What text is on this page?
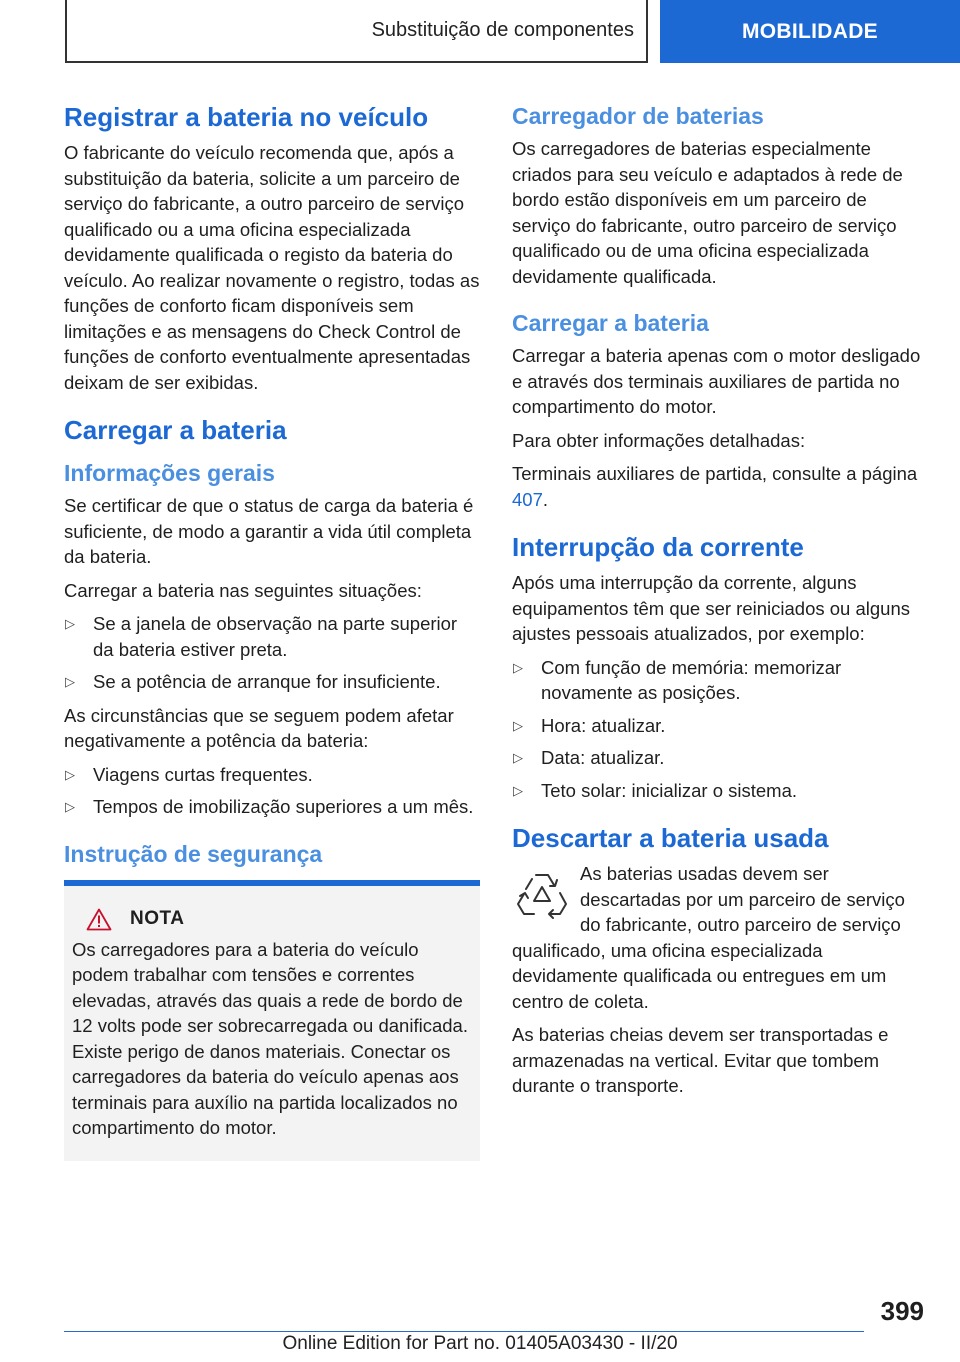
Substituição de componentes	MOBILIDADE
Registrar a bateria no veículo

O fabricante do veículo recomenda que, após a substituição da bateria, solicite a um parceiro de serviço do fabricante, a outro parceiro de serviço qualificado ou a uma oficina especializada devidamente qualificada o registo da bateria do veículo. Ao realizar novamente o registro, todas as funções de conforto ficam disponíveis sem limitações e as mensagens do Check Control de funções de conforto eventualmente apresentadas deixam de ser exibidas.

Carregar a bateria
Informações gerais

Se certificar de que o status de carga da bateria é suficiente, de modo a garantir a vida útil completa da bateria.

Carregar a bateria nas seguintes situações:

▷ Se a janela de observação na parte superior da bateria estiver preta.
▷ Se a potência de arranque for insuficiente.

As circunstâncias que se seguem podem afetar negativamente a potência da bateria:

▷ Viagens curtas frequentes.
▷ Tempos de imobilização superiores a um mês.
Instrução de segurança
NOTA

Os carregadores para a bateria do veículo podem trabalhar com tensões e correntes elevadas, através das quais a rede de bordo de 12 volts pode ser sobrecarregada ou danificada. Existe perigo de danos materiais. Conectar os carregadores da bateria do veículo apenas aos terminais para auxílio na partida localizados no compartimento do motor.

Carregador de baterias

Os carregadores de baterias especialmente criados para seu veículo e adaptados à rede de bordo estão disponíveis em um parceiro de serviço do fabricante, outro parceiro de serviço qualificado ou de uma oficina especializada devidamente qualificada.

Carregar a bateria

Carregar a bateria apenas com o motor desligado e através dos terminais auxiliares de partida no compartimento do motor.

Para obter informações detalhadas:

Terminais auxiliares de partida, consulte a página 407.

Interrupção da corrente

Após uma interrupção da corrente, alguns equipamentos têm que ser reiniciados ou alguns ajustes pessoais atualizados, por exemplo:

▷ Com função de memória: memorizar novamente as posições.
▷ Hora: atualizar.
▷ Data: atualizar.
▷ Teto solar: inicializar o sistema.
Descartar a bateria usada

As baterias usadas devem ser descartadas por um parceiro de serviço do fabricante, outro parceiro de serviço qualificado, uma oficina especializada devidamente qualificada ou entregues em um centro de coleta.

As baterias cheias devem ser transportadas e armazenadas na vertical. Evitar que tombem durante o transporte.

399
Online Edition for Part no. 01405A03430 - II/20
